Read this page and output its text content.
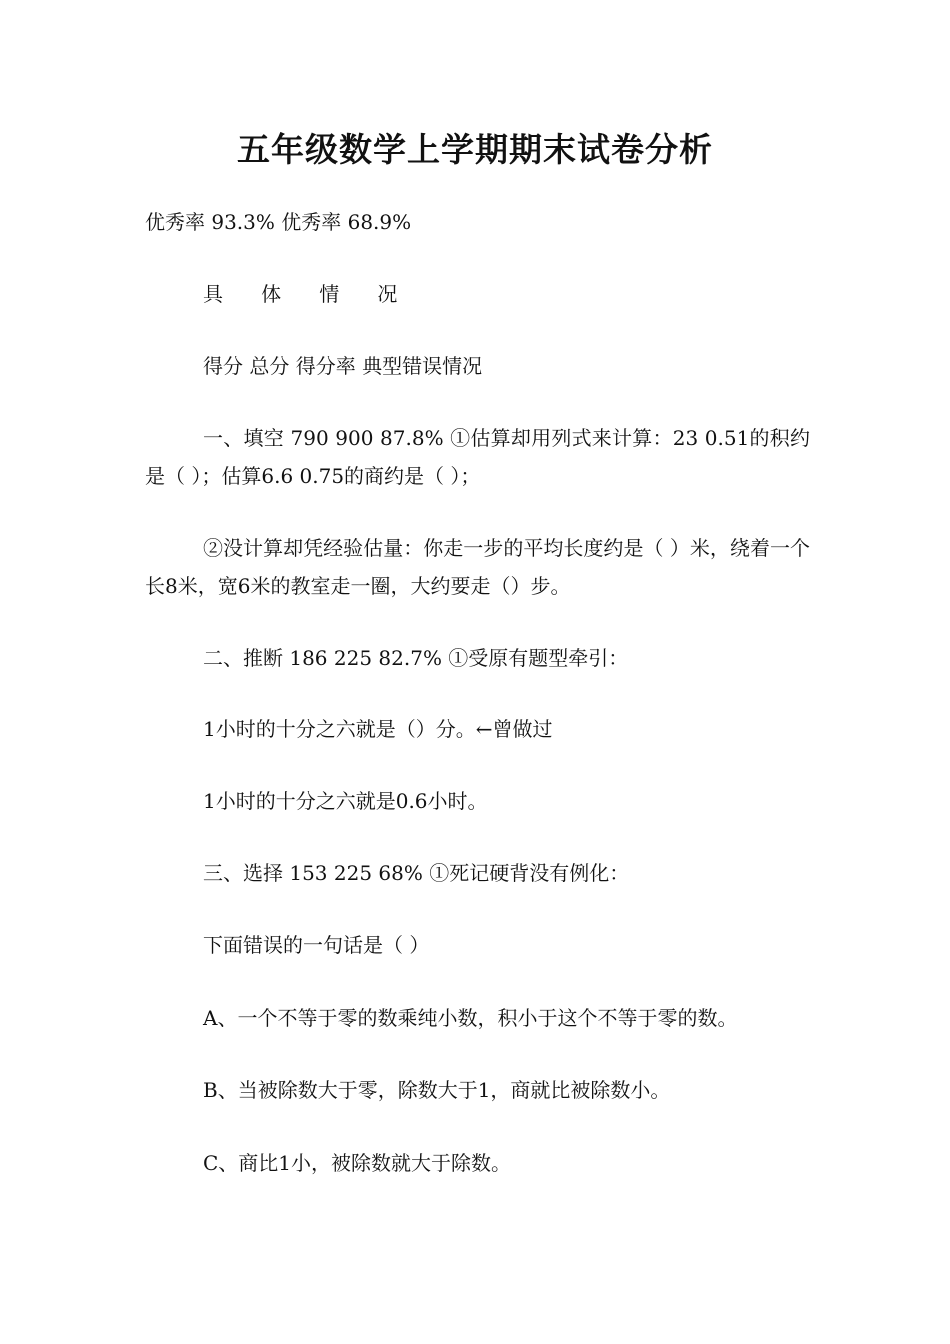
五年级数学上学期期末试卷分析
优秀率 93.3% 优秀率 68.9%
具      体      情      况
得分 总分 得分率 典型错误情况
一、填空 790 900 87.8% ①估算却用列式来计算：23 0.51的积约是（ ）；估算6.6 0.75的商约是（ ）；
②没计算却凭经验估量：你走一步的平均长度约是（ ）米，绕着一个长8米，宽6米的教室走一圈，大约要走（）步。
二、推断 186 225 82.7% ①受原有题型牵引：
1小时的十分之六就是（）分。←曾做过
1小时的十分之六就是0.6小时。
三、选择 153 225 68% ①死记硬背没有例化：
下面错误的一句话是（ ）
A、一个不等于零的数乘纯小数，积小于这个不等于零的数。
B、当被除数大于零，除数大于1，商就比被除数小。
C、商比1小，被除数就大于除数。
